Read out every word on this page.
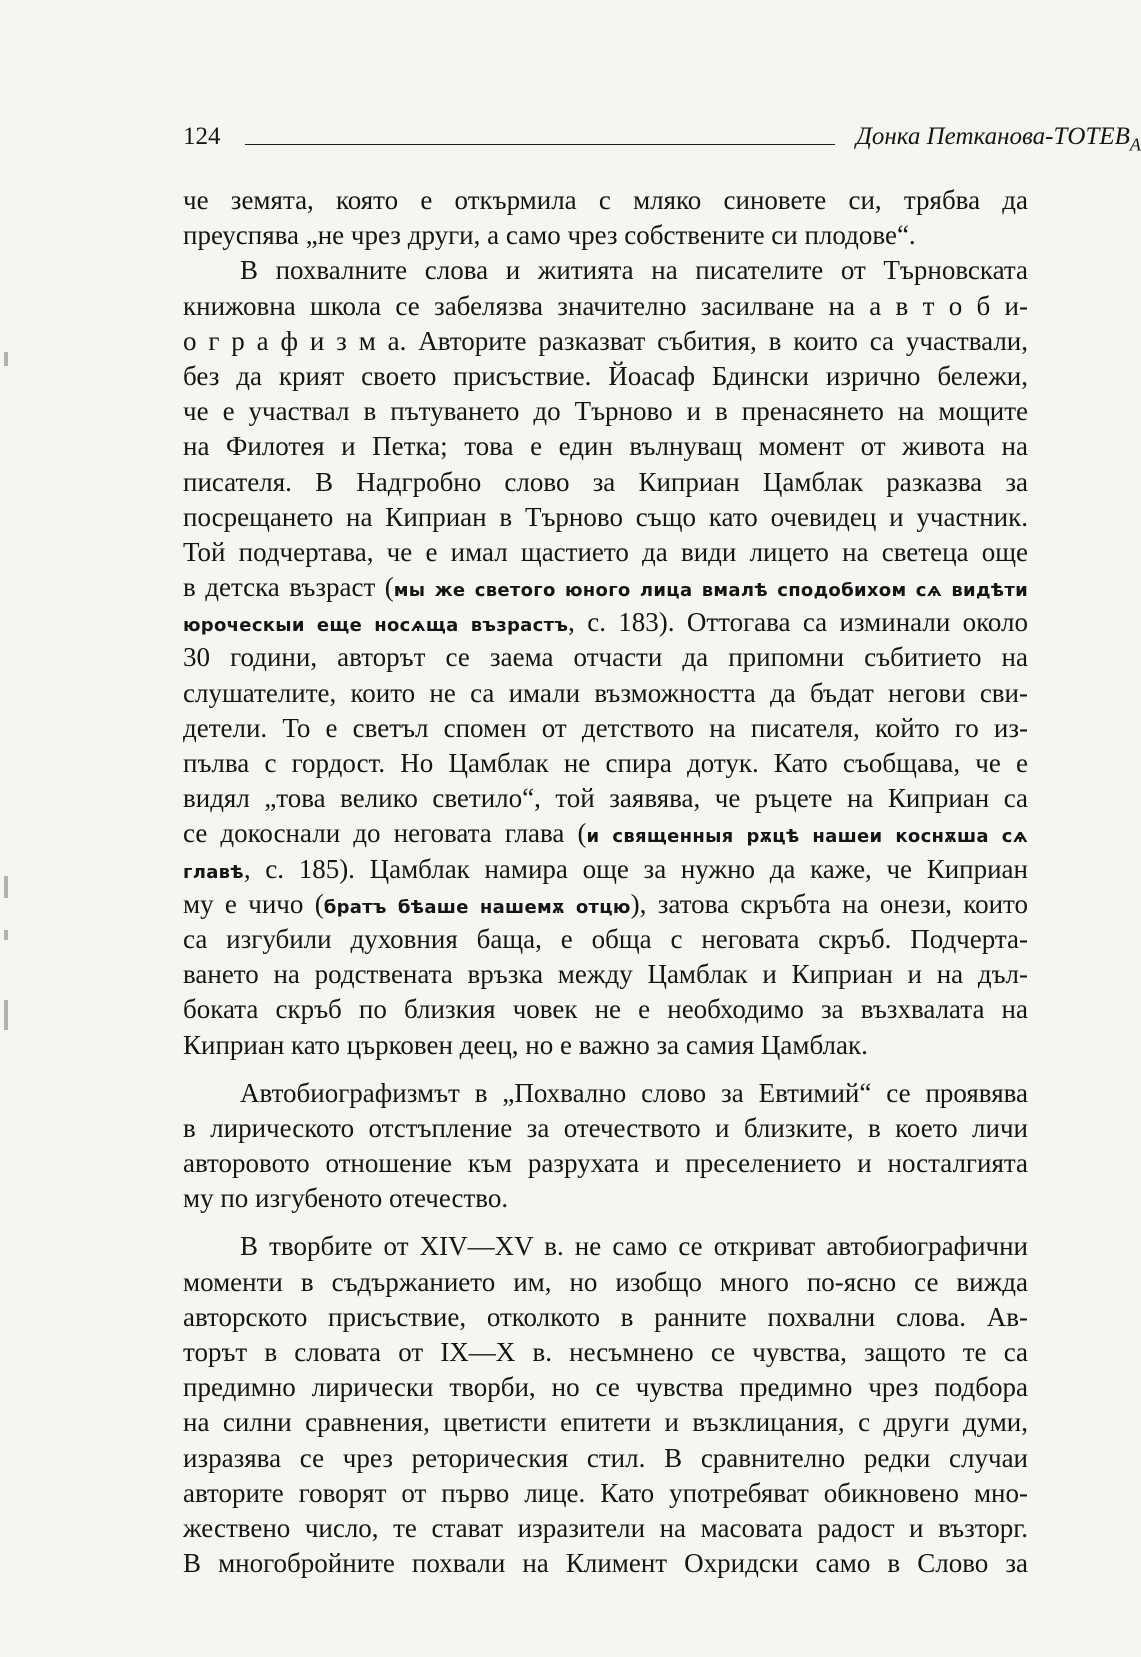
124	Донка Петканова-$ТОТЕВ_А$
че земята, която е откърмила с мляко синовете си, трябва да
преуспява „не чрез други, а само чрез собствените си плодове“.
В похвалните слова и житията на писателите от Търновската
книжовна школа се забелязва значително засилване на а в т о б и-
о г р а ф и з м а. Авторите разказват събития, в които са участвали,
без да крият своето присъствие. Йоасаф Бдински изрично бележи,
че е участвал в пътуването до Търново и в пренасянето на мощите
на Филотея и Петка; това е един вълнуващ момент от живота на
писателя. В Надгробно слово за Киприан Цамблак разказва за
посрещането на Киприан в Търново също като очевидец и участник.
Той подчертава, че е имал щастието да види лицето на светеца още
в детска възраст (мы же светого юного лица вмалѣ сподобихом сѧ видѣти
юроческыи еще носѧща възрастъ, с. 183). Оттогава са изминали около
30 години, авторът се заема отчасти да припомни събитието на
слушателите, които не са имали възможността да бъдат негови сви-
детели. То е светъл спомен от детството на писателя, който го из-
пълва с гордост. Но Цамблак не спира дотук. Като съобщава, че е
видял „това велико светило“, той заявява, че ръцете на Киприан са
се докоснали до неговата глава (и священныя рѫцѣ нашеи коснѫша сѧ
главѣ, с. 185). Цамблак намира още за нужно да каже, че Киприан
му е чичо (братъ бѣаше нашемѫ отцю), затова скръбта на онези, които
са изгубили духовния баща, е обща с неговата скръб. Подчерта-
ването на родствената връзка между Цамблак и Киприан и на дъл-
боката скръб по близкия човек не е необходимо за възхвалата на
Киприан като църковен деец, но е важно за самия Цамблак.
Автобиографизмът в „Похвално слово за Евтимий“ се проявява
в лирическото отстъпление за отечеството и близките, в което личи
авторовото отношение към разрухата и преселението и носталгията
му по изгубеното отечество.
В творбите от XIV—XV в. не само се откриват автобиографични
моменти в съдържанието им, но изобщо много по-ясно се вижда
авторското присъствие, отколкото в ранните похвални слова. Ав-
торът в словата от IX—X в. несъмнено се чувства, защото те са
предимно лирически творби, но се чувства предимно чрез подбора
на силни сравнения, цветисти епитети и възклицания, с други думи,
изразява се чрез реторическия стил. В сравнително редки случаи
авторите говорят от първо лице. Като употребяват обикновено мно-
жествено число, те стават изразители на масовата радост и възторг.
В многобройните похвали на Климент Охридски само в Слово за
